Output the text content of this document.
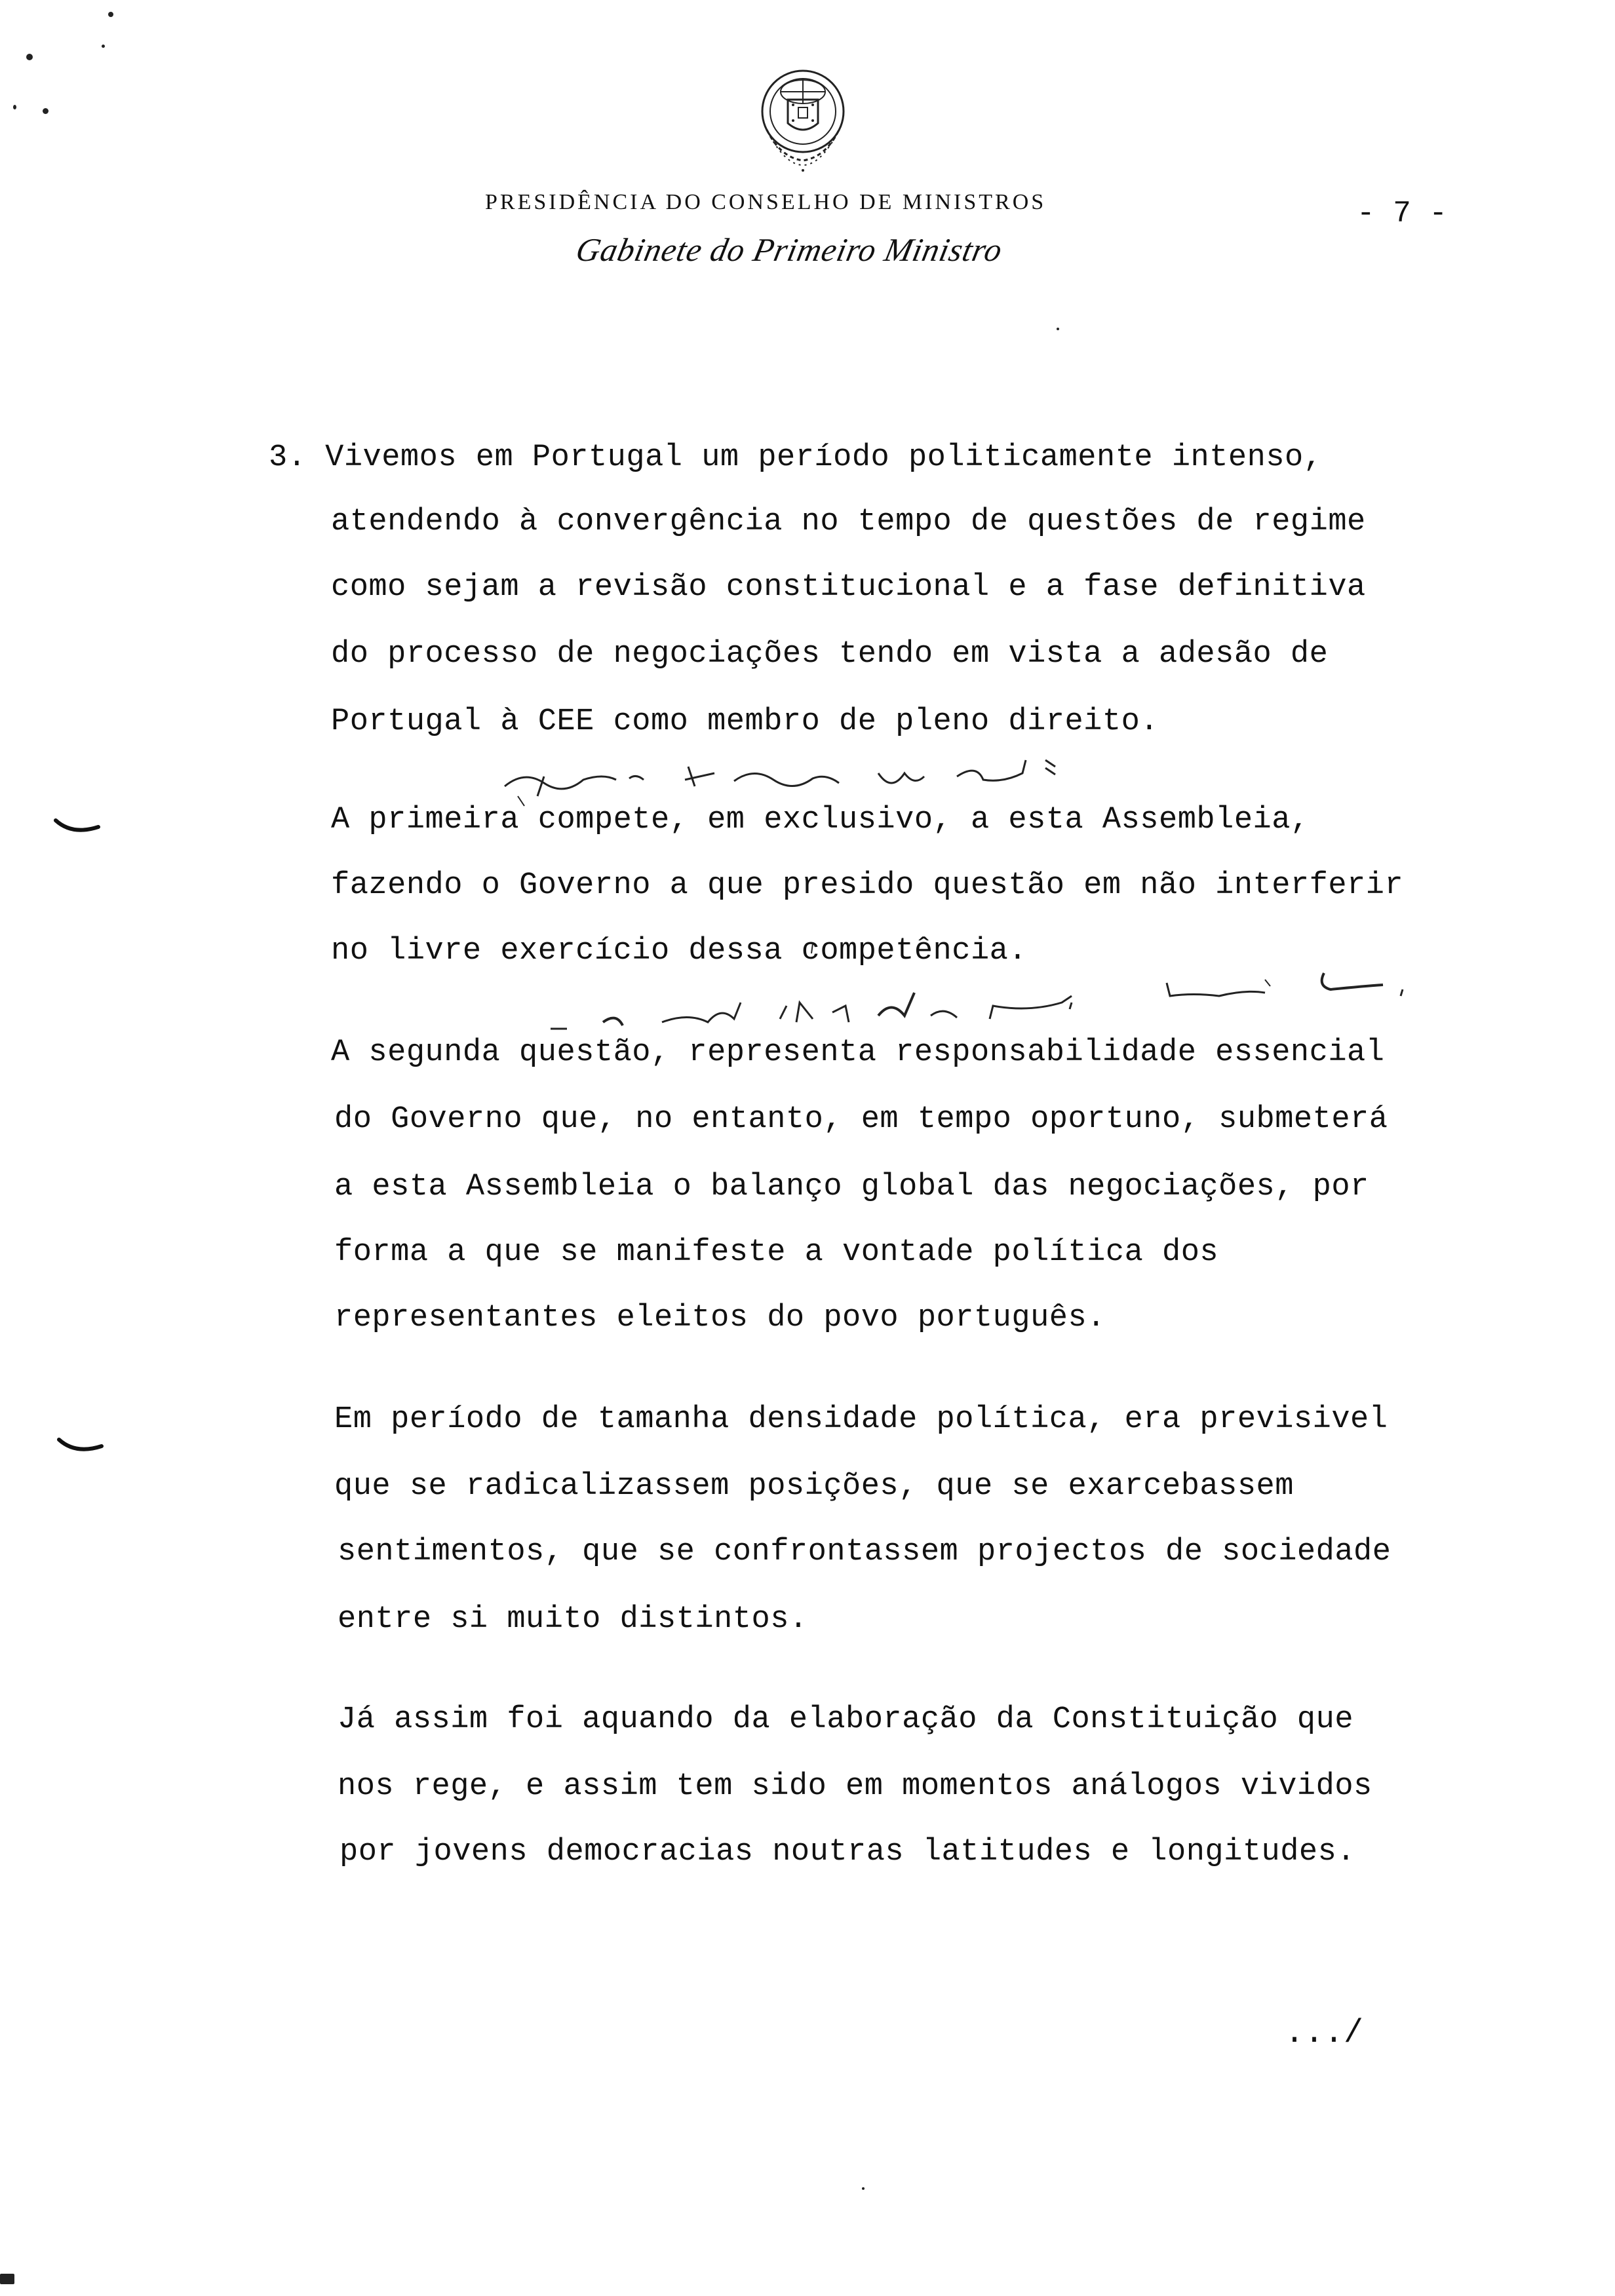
PRESIDÊNCIA DO CONSELHO DE MINISTROS
Gabinete do Primeiro Ministro
- 7 -
3. Vivemos em Portugal um período politicamente intenso,
atendendo à convergência no tempo de questões de regime
como sejam a revisão constitucional e a fase definitiva
do processo de negociações tendo em vista a adesão de
Portugal à CEE como membro de pleno direito.
A primeira compete, em exclusivo, a esta Assembleia,
fazendo o Governo a que presido questão em não interferir
no livre exercício dessa competência.
A segunda questão, representa responsabilidade essencial
do Governo que, no entanto, em tempo oportuno, submeterá
a esta Assembleia o balanço global das negociações, por
forma a que se manifeste a vontade política dos
representantes eleitos do povo português.
Em período de tamanha densidade política, era previsivel
que se radicalizassem posições, que se exarcebassem
sentimentos, que se confrontassem projectos de sociedade
entre si muito distintos.
Já assim foi aquando da elaboração da Constituição que
nos rege, e assim tem sido em momentos análogos vividos
por jovens democracias noutras latitudes e longitudes.
.../
